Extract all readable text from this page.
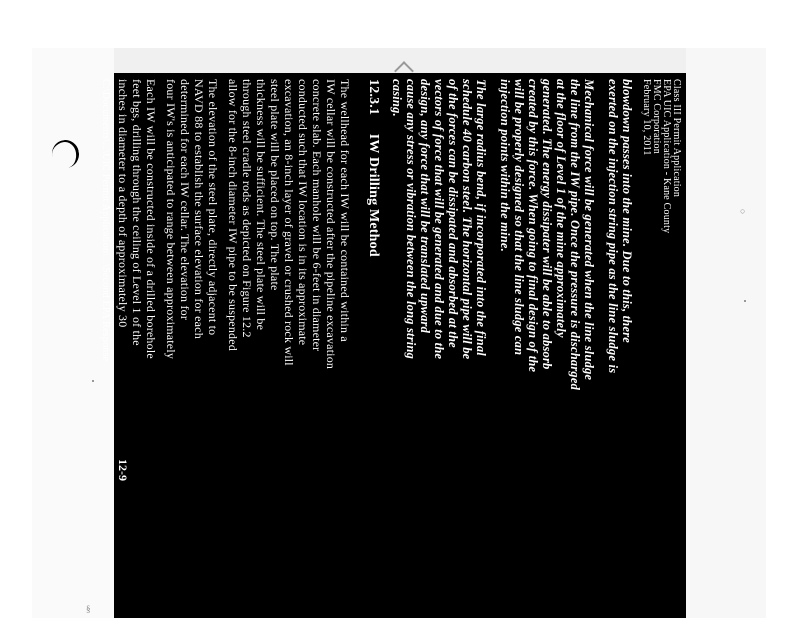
○
§
Class III Permit Application
EPA UIC Application - Kane County
FMC Corporation
February 10, 2011
blowdown passes into the mine. Due to this, there
exerted on the injection string pipe as the line sludge is
Mechanical force will be generated when the line sludge
the line from the IW pipe. Once the pressure is discharged
at the floor of Level 1 of the mine approximately
generated. The energy dissipater will be able to absorb
created by this force. When going to final design of the
will be properly designed so that the line sludge can
injection points within the mine.
The large radius bend, if incorporated into the final
schedule 40 carbon steel. The horizontal pipe will be
of the forces can be dissipated and absorbed at the
vectors of force that will be generated and due to the
design, any force that will be translated upward
cause any stress or vibration between the long string
casing.
12.3.1     IW Drilling Method
The wellhead for each IW will be contained within a
IW cellar will be constructed after the pipeline excavation
concrete slab. Each manhole will be 6-feet in diameter
conducted such that IW location is in its approximate
excavation, an 8-inch layer of gravel or crushed rock will
steel plate will be placed on top. The plate
thickness will be sufficient. The steel plate will be
through steel cradle rods as depicted on Figure 12.2
allow for the 8-inch diameter IW pipe to be suspended
The elevation of the steel plate, directly adjacent to
NAVD 88 to establish the surface elevation for each
determined for each IW cellar. The elevation for
four IW's is anticipated to range between approximately
Each IW will be constructed inside of a drilled borehole
feet bgs, drilling through the ceiling of Level 1 of the
inches in diameter to a depth of approximately 30
C:\Documents\...\UIC Permit Application\...\Second EPA Response
12-9
